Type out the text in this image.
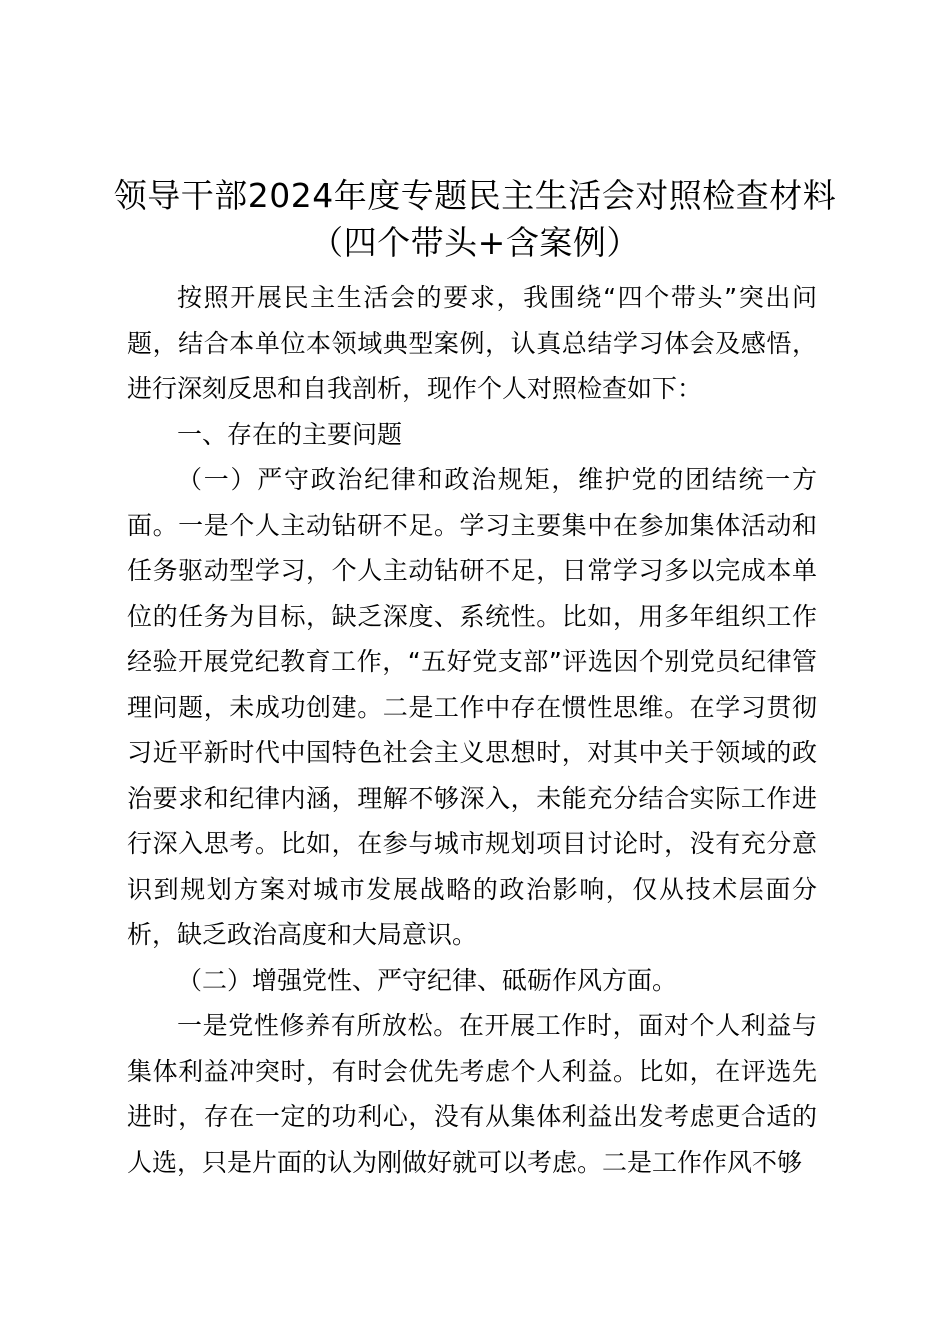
领导干部2024年度专题民主生活会对照检查材料（四个带头+含案例）

按照开展民主生活会的要求，我围绕“四个带头”突出问题，结合本单位本领域典型案例，认真总结学习体会及感悟，进行深刻反思和自我剖析，现作个人对照检查如下：

一、存在的主要问题

（一）严守政治纪律和政治规矩，维护党的团结统一方面。一是个人主动钻研不足。学习主要集中在参加集体活动和任务驱动型学习，个人主动钻研不足，日常学习多以完成本单位的任务为目标，缺乏深度、系统性。比如，用多年组织工作经验开展党纪教育工作，“五好党支部”评选因个别党员纪律管理问题，未成功创建。二是工作中存在惯性思维。在学习贯彻习近平新时代中国特色社会主义思想时，对其中关于领域的政治要求和纪律内涵，理解不够深入，未能充分结合实际工作进行深入思考。比如，在参与城市规划项目讨论时，没有充分意识到规划方案对城市发展战略的政治影响，仅从技术层面分析，缺乏政治高度和大局意识。

（二）增强党性、严守纪律、砥砺作风方面。

一是党性修养有所放松。在开展工作时，面对个人利益与集体利益冲突时，有时会优先考虑个人利益。比如，在评选先进时，存在一定的功利心，没有从集体利益出发考虑更合适的人选，只是片面的认为刚做好就可以考虑。二是工作作风不够
